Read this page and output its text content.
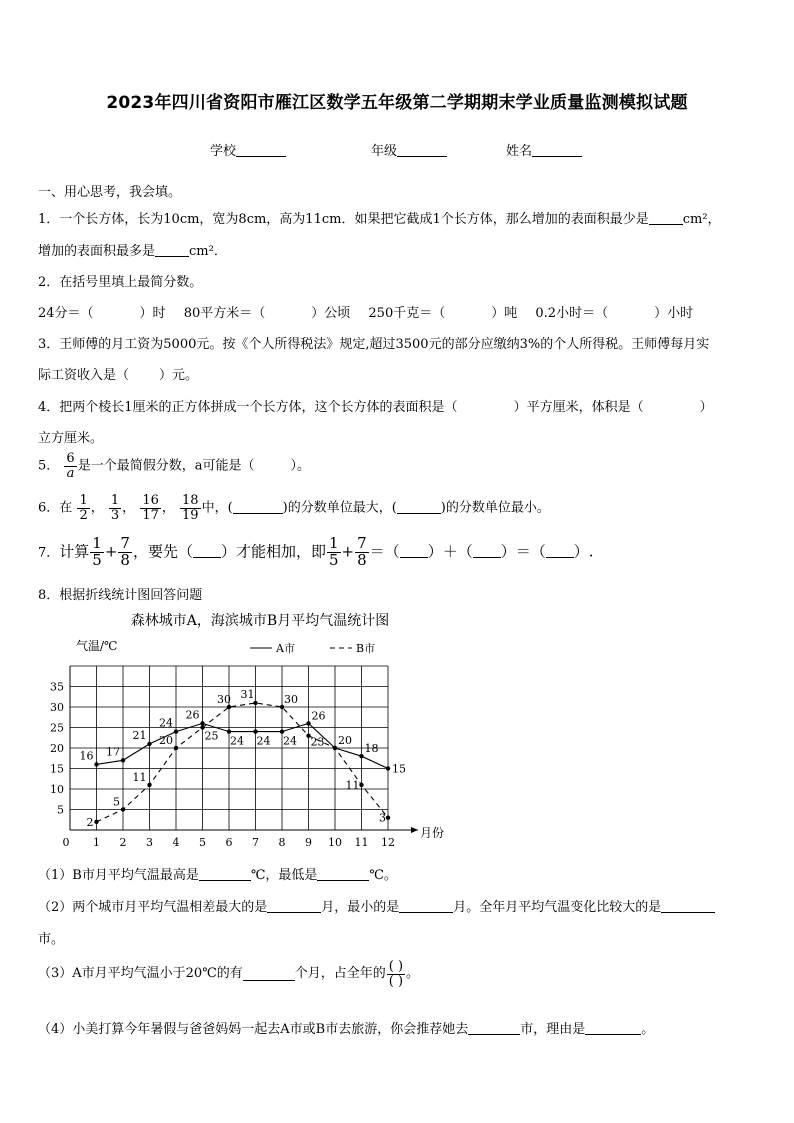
2023年四川省资阳市雁江区数学五年级第二学期期末学业质量监测模拟试题
学校	年级	姓名
一、用心思考，我会填。
1．一个长方体，长为10cm，宽为8cm，高为11cm．如果把它截成1个长方体，那么增加的表面积最少是	cm²，
增加的表面积最多是	cm²．
2．在括号里填上最简分数。
24分＝（	）时 80平方米＝（	）公顷 250千克＝（	）吨 0.2小时＝（	）小时
3．王师傅的月工资为5000元。按《个人所得税法》规定,超过3500元的部分应缴纳3%的个人所得税。王师傅每月实
际工资收入是（ ）元。
4．把两个棱长1厘米的正方体拼成一个长方体，这个长方体的表面积是（	）平方厘米，体积是（	）
立方厘米。
5． $\frac{6}{a}$ 是一个最简假分数，a可能是（	）。
6．在 $\frac{1}{2}$ ， $\frac{1}{3}$ ， $\frac{16}{17}$ ， $\frac{18}{19}$ 中，(	)的分数单位最大，(	)的分数单位最小。
7．计算 $\frac{1}{5} + \frac{7}{8}$ ，要先（ ）才能相加，即 $\frac{1}{5} + \frac{7}{8}$ ＝（ ）＋（ ）＝（ ）.
8．根据折线统计图回答问题
森林城市A，海滨城市B月平均气温统计图
气温/℃
月份
0 1 2 3 4 5 6 7 8 9 10 11 12
5
10
15
20
25
30
35
A市	B市
16 17
21
24
26
24 24 24
26
20
18
15
2
5
11
20	25
30 31	30
23
11
3
（1）B市月平均气温最高是	℃，最低是	℃。
（2）两个城市月平均气温相差最大的是	月，最小的是	月。全年月平均气温变化比较大的是
市。
（3）A市月平均气温小于20℃的有	个月，占全年的 $\frac{( )}{( )}$ 。
（4）小美打算今年暑假与爸爸妈妈一起去A市或B市去旅游，你会推荐她去	市，理由是	。
